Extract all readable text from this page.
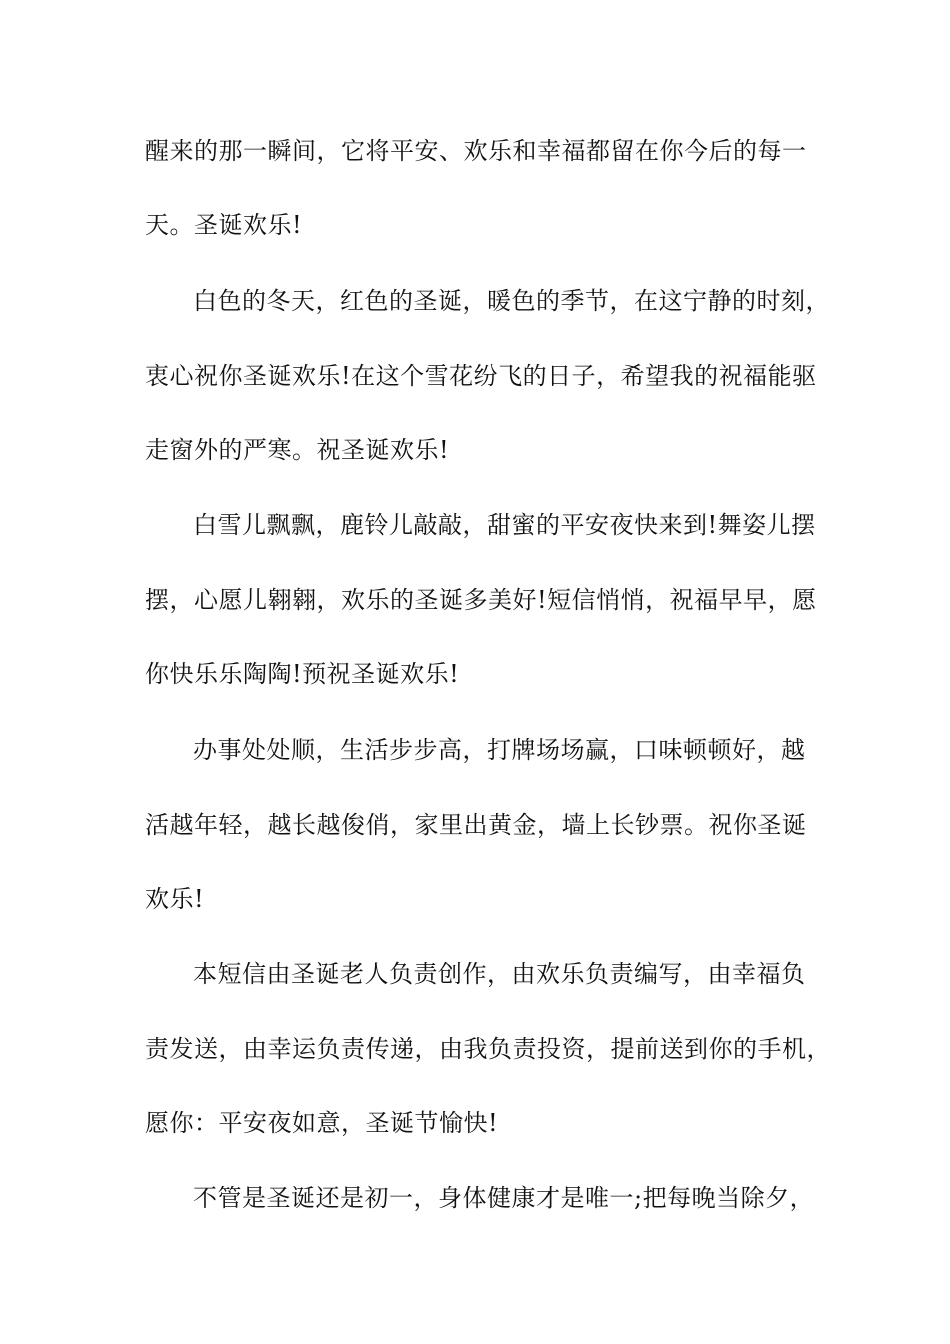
醒来的那一瞬间，它将平安、欢乐和幸福都留在你今后的每一
天。圣诞欢乐!
白色的冬天，红色的圣诞，暖色的季节，在这宁静的时刻，
衷心祝你圣诞欢乐!在这个雪花纷飞的日子，希望我的祝福能驱
走窗外的严寒。祝圣诞欢乐!
白雪儿飘飘，鹿铃儿敲敲，甜蜜的平安夜快来到!舞姿儿摆
摆，心愿儿翱翱，欢乐的圣诞多美好!短信悄悄，祝福早早，愿
你快乐乐陶陶!预祝圣诞欢乐!
办事处处顺，生活步步高，打牌场场赢，口味顿顿好，越
活越年轻，越长越俊俏，家里出黄金，墙上长钞票。祝你圣诞
欢乐!
本短信由圣诞老人负责创作，由欢乐负责编写，由幸福负
责发送，由幸运负责传递，由我负责投资，提前送到你的手机，
愿你：平安夜如意，圣诞节愉快!
不管是圣诞还是初一，身体健康才是唯一;把每晚当除夕，
